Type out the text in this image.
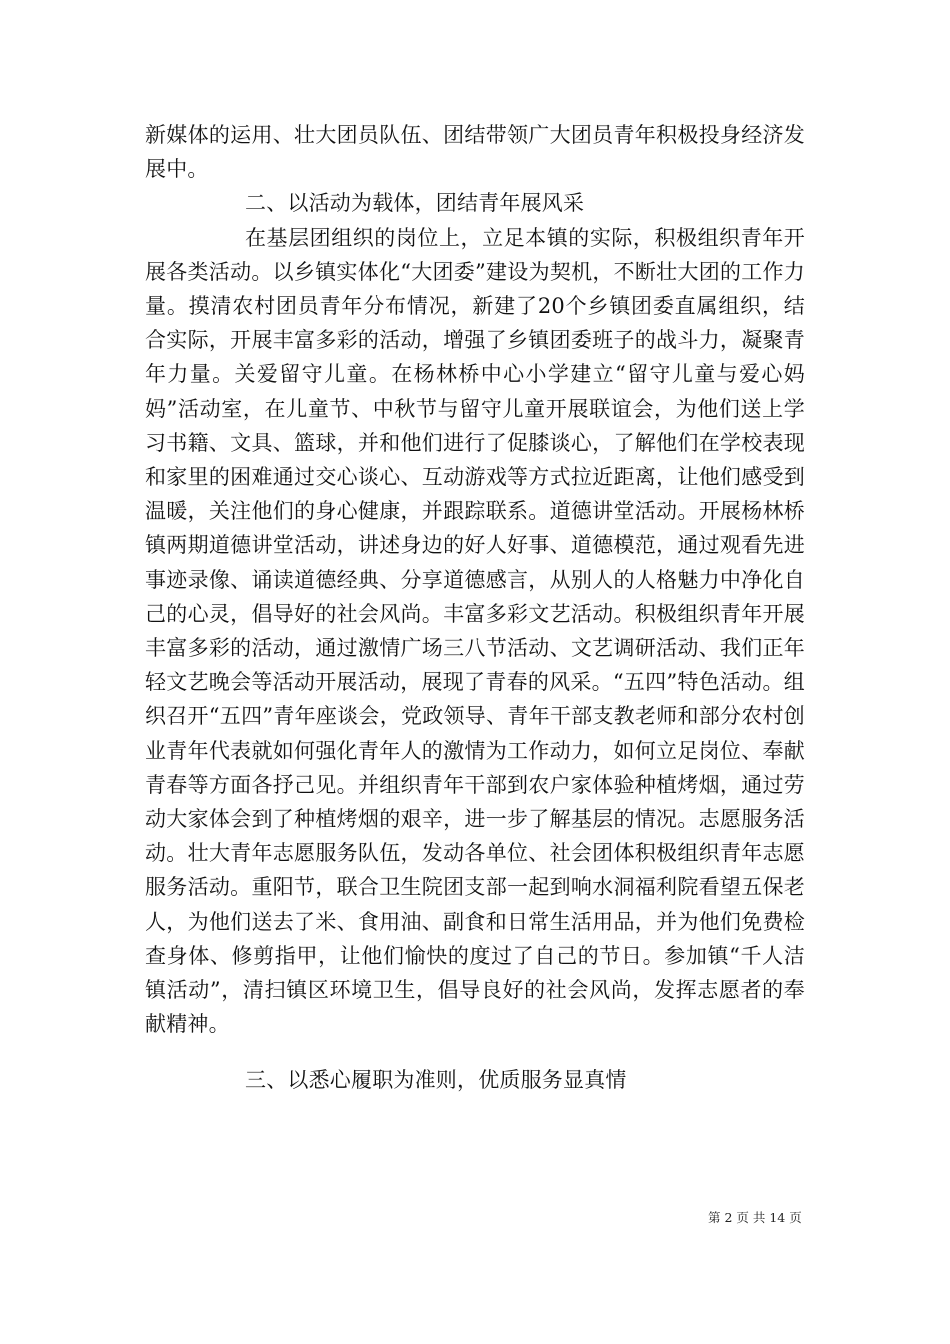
新媒体的运用、壮大团员队伍、团结带领广大团员青年积极投身经济发展中。

二、以活动为载体，团结青年展风采

在基层团组织的岗位上，立足本镇的实际，积极组织青年开展各类活动。以乡镇实体化“大团委”建设为契机，不断壮大团的工作力量。摸清农村团员青年分布情况，新建了20个乡镇团委直属组织，结合实际，开展丰富多彩的活动，增强了乡镇团委班子的战斗力，凝聚青年力量。关爱留守儿童。在杨林桥中心小学建立“留守儿童与爱心妈妈”活动室，在儿童节、中秋节与留守儿童开展联谊会，为他们送上学习书籍、文具、篮球，并和他们进行了促膝谈心，了解他们在学校表现和家里的困难通过交心谈心、互动游戏等方式拉近距离，让他们感受到温暖，关注他们的身心健康，并跟踪联系。道德讲堂活动。开展杨林桥镇两期道德讲堂活动，讲述身边的好人好事、道德模范，通过观看先进事迹录像、诵读道德经典、分享道德感言，从别人的人格魅力中净化自己的心灵，倡导好的社会风尚。丰富多彩文艺活动。积极组织青年开展丰富多彩的活动，通过激情广场三八节活动、文艺调研活动、我们正年轻文艺晚会等活动开展活动，展现了青春的风采。“五四”特色活动。组织召开“五四”青年座谈会，党政领导、青年干部支教老师和部分农村创业青年代表就如何强化青年人的激情为工作动力，如何立足岗位、奉献青春等方面各抒己见。并组织青年干部到农户家体验种植烤烟，通过劳动大家体会到了种植烤烟的艰辛，进一步了解基层的情况。志愿服务活动。壮大青年志愿服务队伍，发动各单位、社会团体积极组织青年志愿服务活动。重阳节，联合卫生院团支部一起到响水洞福利院看望五保老人，为他们送去了米、食用油、副食和日常生活用品，并为他们免费检查身体、修剪指甲，让他们愉快的度过了自己的节日。参加镇“千人洁镇活动”，清扫镇区环境卫生，倡导良好的社会风尚，发挥志愿者的奉献精神。

三、以悉心履职为准则，优质服务显真情

第 2 页 共 14 页
